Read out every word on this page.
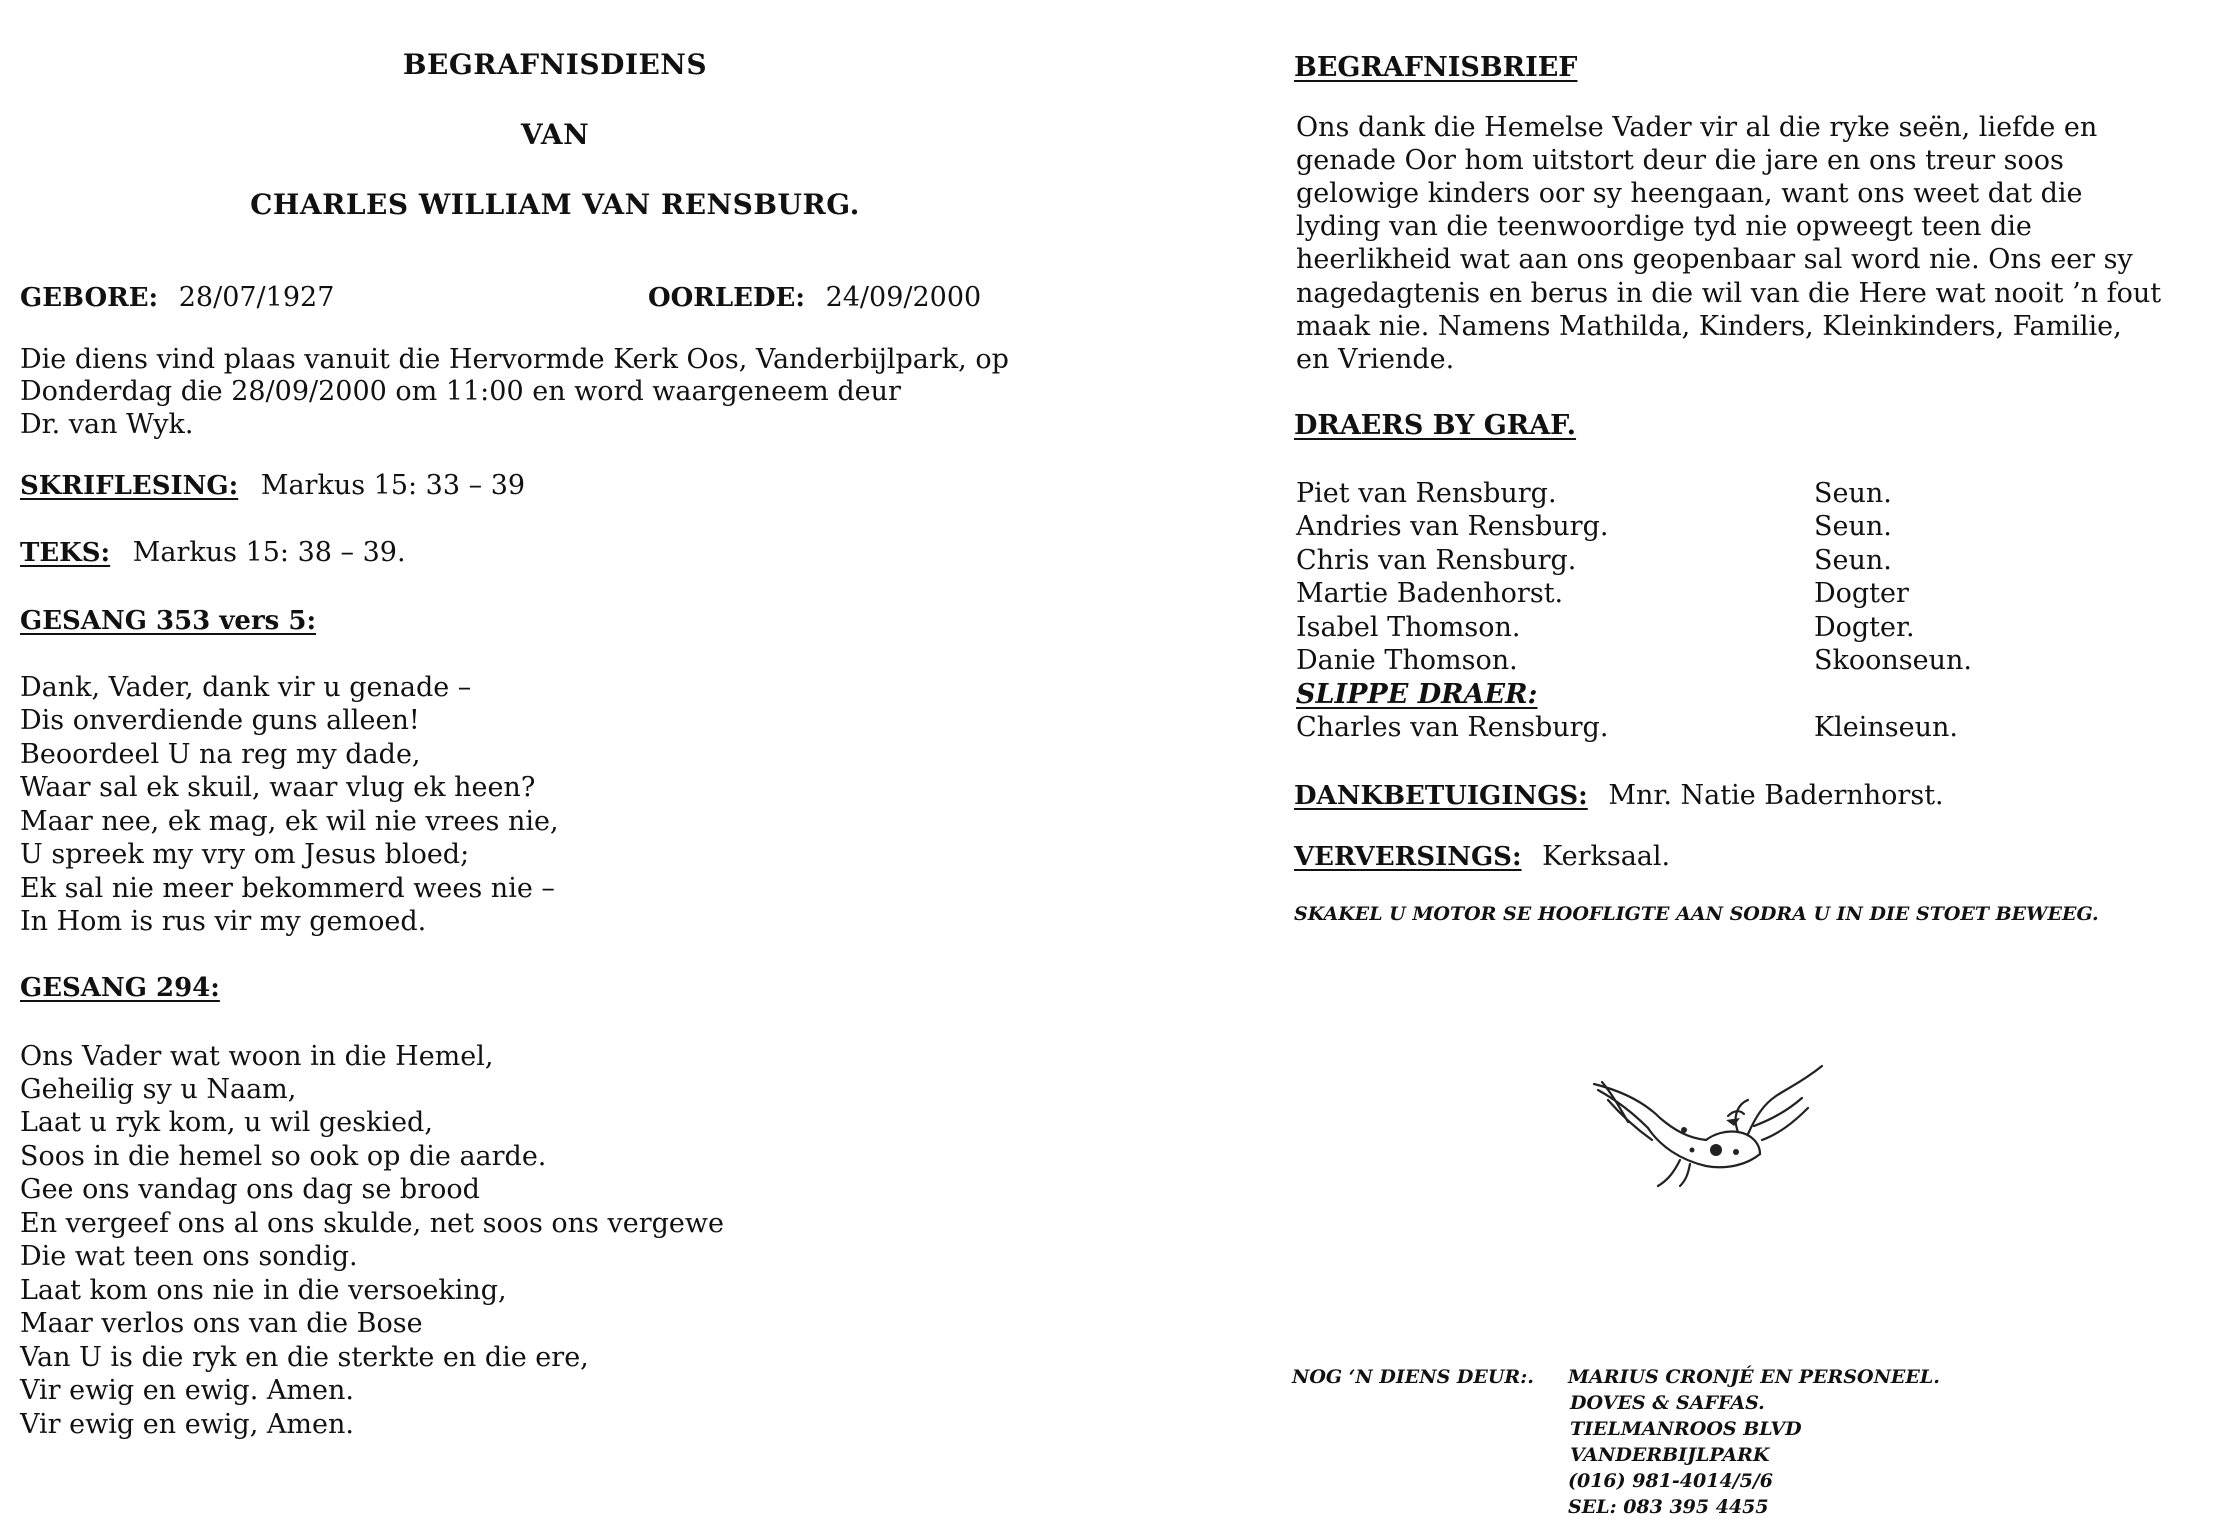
BEGRAFNISDIENS
VAN
CHARLES WILLIAM VAN RENSBURG.
GEBORE: 28/07/1927	OORLEDE: 24/09/2000
Die diens vind plaas vanuit die Hervormde Kerk Oos, Vanderbijlpark, op
Donderdag die 28/09/2000 om 11:00 en word waargeneem deur
Dr. van Wyk.
SKRIFLESING: Markus 15: 33 – 39
TEKS: Markus 15: 38 – 39.
GESANG 353 vers 5:
Dank, Vader, dank vir u genade –
Dis onverdiende guns alleen!
Beoordeel U na reg my dade,
Waar sal ek skuil, waar vlug ek heen?
Maar nee, ek mag, ek wil nie vrees nie,
U spreek my vry om Jesus bloed;
Ek sal nie meer bekommerd wees nie –
In Hom is rus vir my gemoed.
GESANG 294:
Ons Vader wat woon in die Hemel,
Geheilig sy u Naam,
Laat u ryk kom, u wil geskied,
Soos in die hemel so ook op die aarde.
Gee ons vandag ons dag se brood
En vergeef ons al ons skulde, net soos ons vergewe
Die wat teen ons sondig.
Laat kom ons nie in die versoeking,
Maar verlos ons van die Bose
Van U is die ryk en die sterkte en die ere,
Vir ewig en ewig. Amen.
Vir ewig en ewig, Amen.
BEGRAFNISBRIEF
Ons dank die Hemelse Vader vir al die ryke seën, liefde en
genade Oor hom uitstort deur die jare en ons treur soos
gelowige kinders oor sy heengaan, want ons weet dat die
lyding van die teenwoordige tyd nie opweegt teen die
heerlikheid wat aan ons geopenbaar sal word nie. Ons eer sy
nagedagtenis en berus in die wil van die Here wat nooit ’n fout
maak nie. Namens Mathilda, Kinders, Kleinkinders, Familie,
en Vriende.
DRAERS BY GRAF.
Piet van Rensburg.	Seun.
Andries van Rensburg.	Seun.
Chris van Rensburg.	Seun.
Martie Badenhorst.	Dogter
Isabel Thomson.	Dogter.
Danie Thomson.	Skoonseun.
SLIPPE DRAER:
Charles van Rensburg.	Kleinseun.
DANKBETUIGINGS: Mnr. Natie Badernhorst.
VERVERSINGS: Kerksaal.
SKAKEL U MOTOR SE HOOFLIGTE AAN SODRA U IN DIE STOET BEWEEG.
NOG ‘N DIENS DEUR:. MARIUS CRONJÉ EN PERSONEEL.
DOVES & SAFFAS.
TIELMANROOS BLVD
VANDERBIJLPARK
(016) 981-4014/5/6
SEL: 083 395 4455
